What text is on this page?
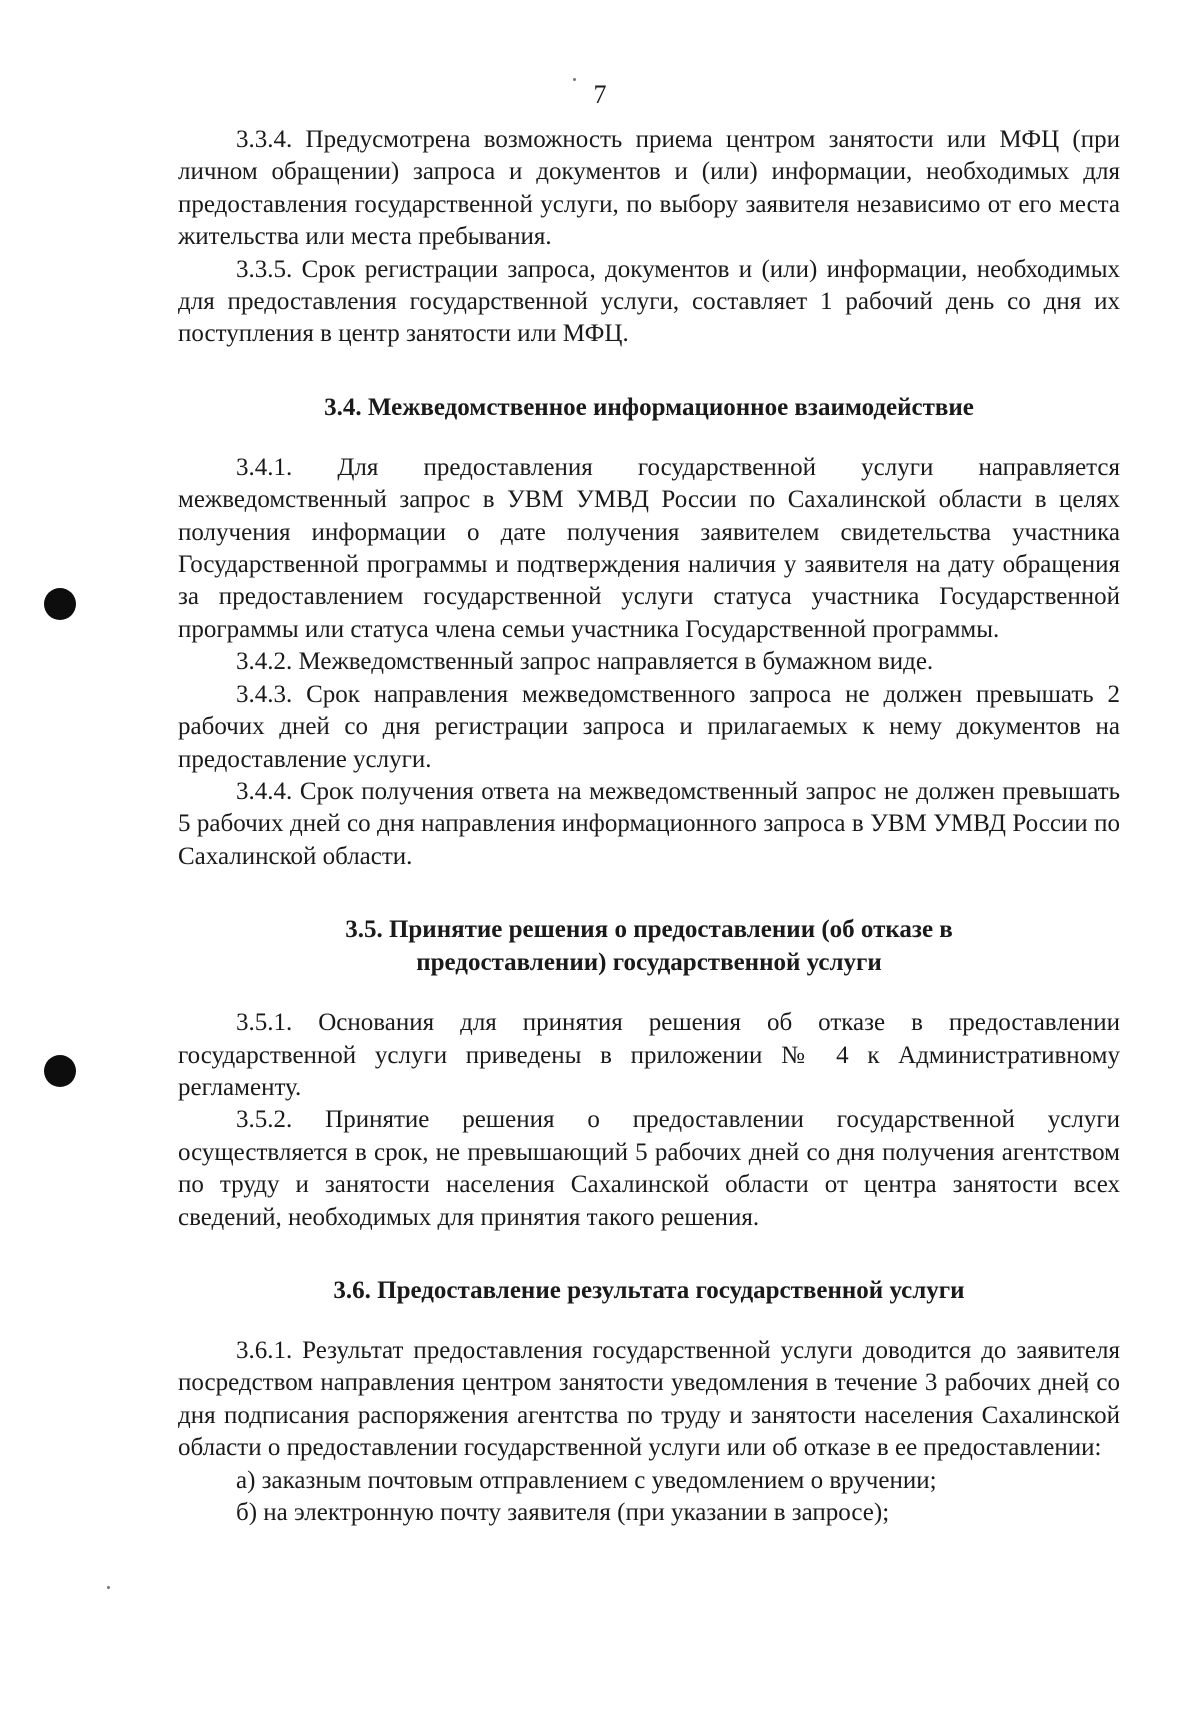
7

3.3.4. Предусмотрена возможность приема центром занятости или МФЦ (при личном обращении) запроса и документов и (или) информации, необходимых для предоставления государственной услуги, по выбору заявителя независимо от его места жительства или места пребывания.

3.3.5. Срок регистрации запроса, документов и (или) информации, необходимых для предоставления государственной услуги, составляет 1 рабочий день со дня их поступления в центр занятости или МФЦ.

3.4. Межведомственное информационное взаимодействие

3.4.1. Для предоставления государственной услуги направляется межведомственный запрос в УВМ УМВД России по Сахалинской области в целях получения информации о дате получения заявителем свидетельства участника Государственной программы и подтверждения наличия у заявителя на дату обращения за предоставлением государственной услуги статуса участника Государственной программы или статуса члена семьи участника Государственной программы.

3.4.2. Межведомственный запрос направляется в бумажном виде.

3.4.3. Срок направления межведомственного запроса не должен превышать 2 рабочих дней со дня регистрации запроса и прилагаемых к нему документов на предоставление услуги.

3.4.4. Срок получения ответа на межведомственный запрос не должен превышать 5 рабочих дней со дня направления информационного запроса в УВМ УМВД России по Сахалинской области.

3.5. Принятие решения о предоставлении (об отказе в

предоставлении) государственной услуги

3.5.1. Основания для принятия решения об отказе в предоставлении государственной услуги приведены в приложении № 4 к Административному регламенту.

3.5.2. Принятие решения о предоставлении государственной услуги осуществляется в срок, не превышающий 5 рабочих дней со дня получения агентством по труду и занятости населения Сахалинской области от центра занятости всех сведений, необходимых для принятия такого решения.

3.6. Предоставление результата государственной услуги

3.6.1. Результат предоставления государственной услуги доводится до заявителя посредством направления центром занятости уведомления в течение 3 рабочих дней со дня подписания распоряжения агентства по труду и занятости населения Сахалинской области о предоставлении государственной услуги или об отказе в ее предоставлении:

а) заказным почтовым отправлением с уведомлением о вручении;

б) на электронную почту заявителя (при указании в запросе);
